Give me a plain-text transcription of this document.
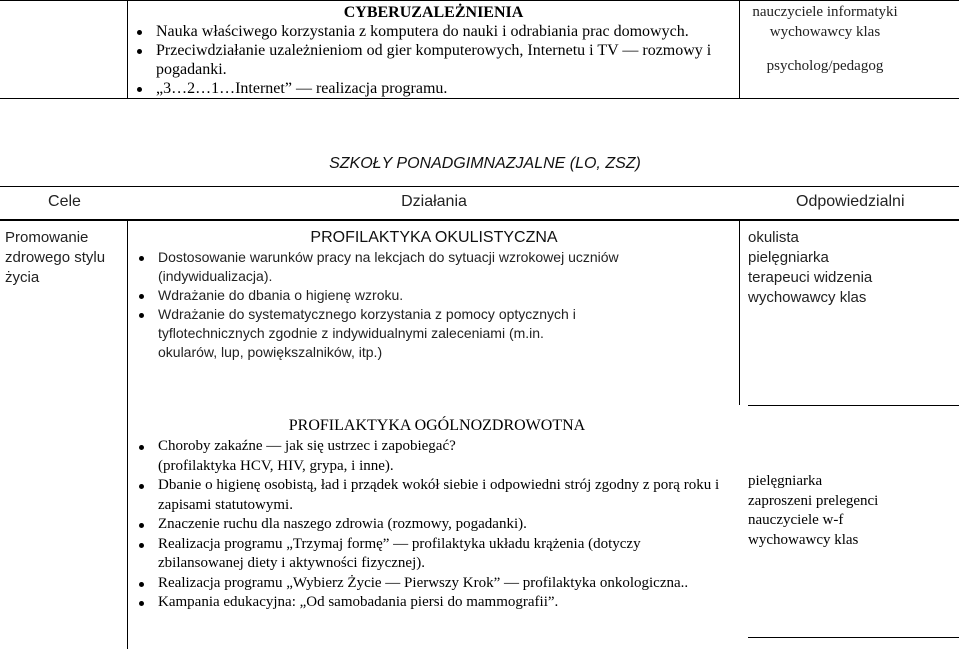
CYBERUZALEŻNIENIA
Nauka właściwego korzystania z komputera do nauki i odrabiania prac domowych.
Przeciwdziałanie uzależnieniom od gier komputerowych, Internetu i TV — rozmowy i pogadanki.
„3…2…1…Internet” — realizacja programu.
nauczyciele informatyki
wychowawcy klas
psycholog/pedagog
SZKOŁY PONADGIMNAZJALNE (LO, ZSZ)
Cele	Działania	Odpowiedzialni
Promowanie zdrowego stylu życia
PROFILAKTYKA OKULISTYCZNA
Dostosowanie warunków pracy na lekcjach do sytuacji wzrokowej uczniów (indywidualizacja).
Wdrażanie do dbania o higienę wzroku.
Wdrażanie do systematycznego korzystania z pomocy optycznych i tyflotechnicznych zgodnie z indywidualnymi zaleceniami (m.in. okularów, lup, powiększalników, itp.)
okulista
pielęgniarka
terapeuci widzenia
wychowawcy klas
PROFILAKTYKA OGÓLNOZDROWOTNA
Choroby zakaźne — jak się ustrzec i zapobiegać? (profilaktyka HCV, HIV, grypa, i inne).
Dbanie o higienę osobistą, ład i prządek wokół siebie i odpowiedni strój zgodny z porą roku i zapisami statutowymi.
Znaczenie ruchu dla naszego zdrowia (rozmowy, pogadanki).
Realizacja programu „Trzymaj formę” — profilaktyka układu krążenia (dotyczy zbilansowanej diety i aktywności fizycznej).
Realizacja programu „Wybierz Życie — Pierwszy Krok” — profilaktyka onkologiczna..
Kampania edukacyjna: „Od samobadania piersi do mammografii”.
pielęgniarka
zaproszeni prelegenci
nauczyciele w-f
wychowawcy klas
